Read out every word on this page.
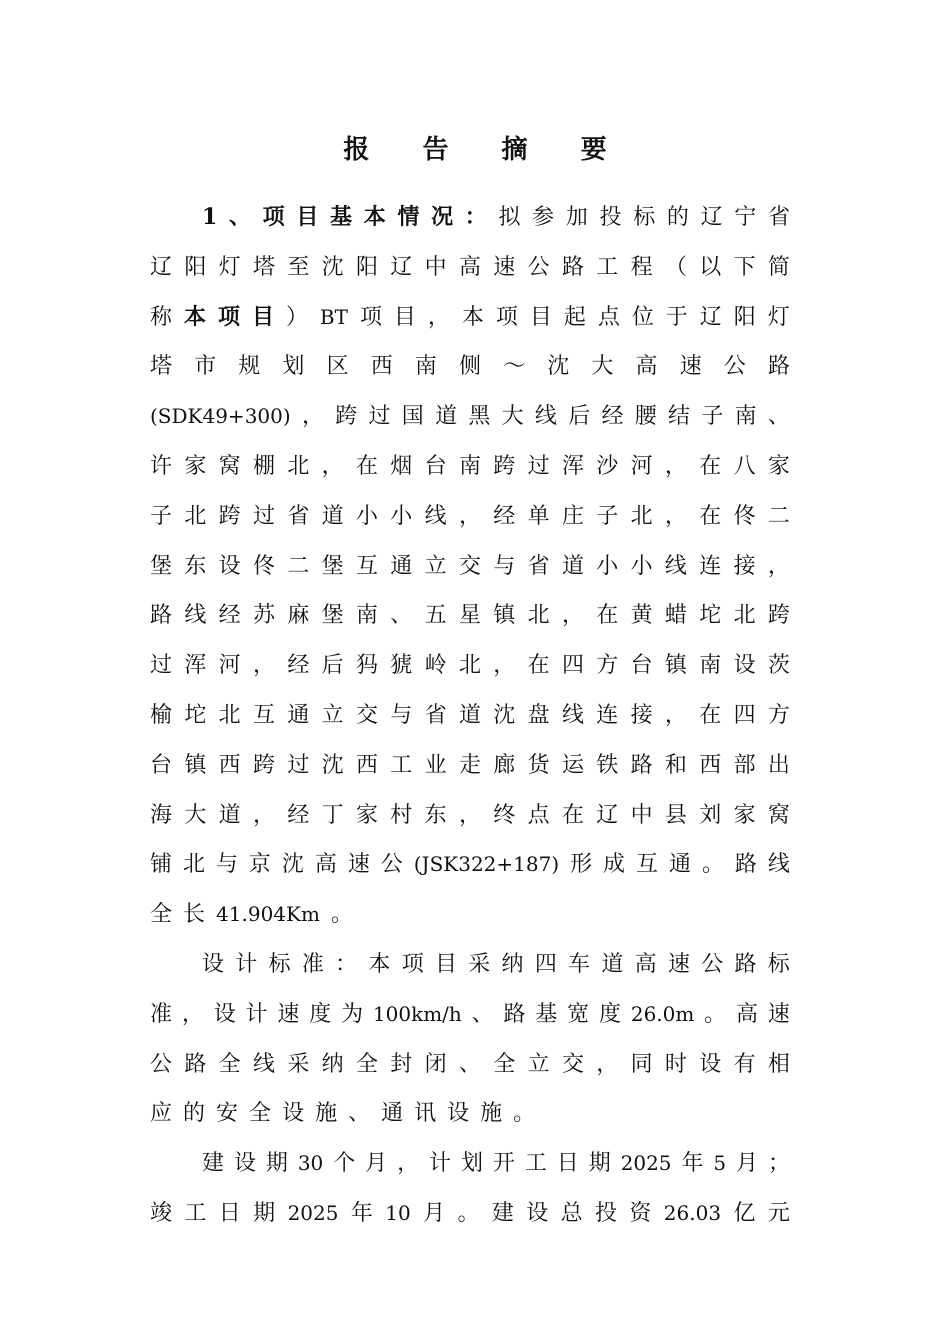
报 告 摘 要
1 、 项 目 基 本 情 况 ： 拟 参 加 投 标 的 辽 宁 省
辽 阳 灯 塔 至 沈 阳 辽 中 高 速 公 路 工 程 （ 以 下 简
称 本 项 目 ） BT 项 目 ， 本 项 目 起 点 位 于 辽 阳 灯
塔 市 规 划 区 西 南 侧 ～ 沈 大 高 速 公 路
(SDK49+300) ， 跨 过 国 道 黑 大 线 后 经 腰 结 子 南 、
许 家 窝 棚 北 ， 在 烟 台 南 跨 过 浑 沙 河 ， 在 八 家
子 北 跨 过 省 道 小 小 线 ， 经 单 庄 子 北 ， 在 佟 二
堡 东 设 佟 二 堡 互 通 立 交 与 省 道 小 小 线 连 接 ，
路 线 经 苏 麻 堡 南 、 五 星 镇 北 ， 在 黄 蜡 坨 北 跨
过 浑 河 ， 经 后 犸 猇 岭 北 ， 在 四 方 台 镇 南 设 茨
榆 坨 北 互 通 立 交 与 省 道 沈 盘 线 连 接 ， 在 四 方
台 镇 西 跨 过 沈 西 工 业 走 廊 货 运 铁 路 和 西 部 出
海 大 道 ， 经 丁 家 村 东 ， 终 点 在 辽 中 县 刘 家 窝
铺 北 与 京 沈 高 速 公 (JSK322+187) 形 成 互 通 。 路 线
全 长 41.904Km 。
设 计 标 准 ： 本 项 目 采 纳 四 车 道 高 速 公 路 标
准 ， 设 计 速 度 为 100km/h 、 路 基 宽 度 26.0m 。 高 速
公 路 全 线 采 纳 全 封 闭 、 全 立 交 ， 同 时 设 有 相
应 的 安 全 设 施 、 通 讯 设 施 。
建 设 期 30 个 月 ， 计 划 开 工 日 期 2025 年 5 月 ；
竣 工 日 期 2025 年 10 月 。 建 设 总 投 资 26.03 亿 元
